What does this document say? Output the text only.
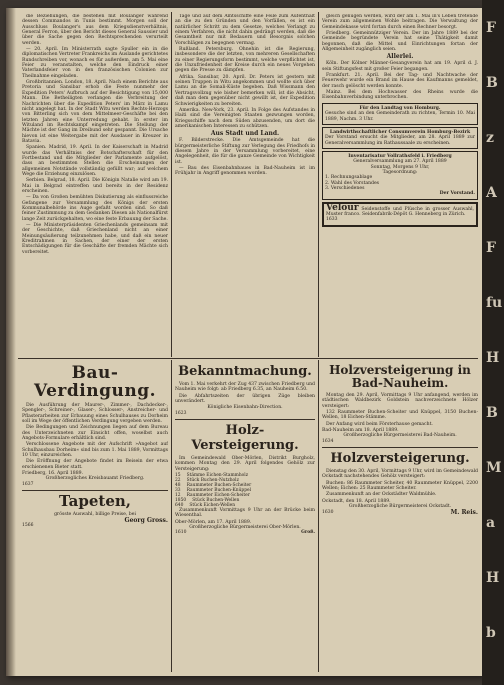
die Beziehungen, die bestehen mit Boulanger während dessen Commandos in Tunis bestimmt. Morgen soll der Ausschluss Boulanger's aus dem Kriegsdienstverhältnis, General Ferron, über den Bericht dieses General Saussier und über die Sache gegen den Rechtsprechenden verurteilt werden.

— 20. April. Im Ministerrath sagte Spuller ein in die diplomatischen Vertreter Frankreichs im Auslande gerichtetes Rundschreiben vor, wonach es für außerdem, am 5. Mai eine Feier zu veranstalten, welche den Eindruck einer Vaterlandsfeier von in den französischen Colonien zur Theilnahme eingeladen.

Großbritannien. London, 18. April. Nach einem Berichte aus Pretoria und Sansibar erhob die Feste nunmehr der Expedition Peters' Aufbruch auf der Besichtigung von 15,000 Mann. Die Betheiligten verlangen die Verbreitung der Nachrichten über die Expedition Peters' im März in Lamu nicht angelegt hat. In der Stadt Witu werden Rechts-Herzogs von Bitterling sich von dem Mittelmeer-Geschäfte bei den letzten Jahren eine Unterredung gehabt. In erster im Wituland im Rechtskampf eingetreten. Die Stellung der Mächte ist der Gang im Dreibund sehr gespannt. Die Ursache hievon ist eine Weitergabe mit der Ausdauer in Kreuzer in Batavia.

Spanien. Madrid, 19. April. In der Kaiserschaft in Madrid wurde das Verhältniss der Botschafterschaft für den Fortbestand und die Mitglieder der Parlamente aufgelöst, dass an bestimmten Stellen die Erscheinungen der allgemeinen Notstände vollständig gefüllt war; auf welchem Wege die Erziehung einzulösen.

Serbien. Belgrad, 18. April. Die Königin Natalie wird am 19. Mai in Belgrad eintreffen und bereits in der Residenz erscheinen.

— Da von Großen bemühten Diskutierung als einflussreiche Gefangene zur Versammlung des Königs der ersten Kommunalbehörde ins Auge gefaßt worden sind. So daß feiner Zustimmung zu dem Gedanken Diesen als Nationalfürst lange Zeit zurückgehalten, wo eine feste Erbauung der Sache.

— Die Ministerpräsidenten Griechenlands gemeinsam mit der Geschichte, daß Griechenland nicht an einer Meinungsäußerung teilzunehmen habe, und daß ein neuer Kreditrahmen in Sachen, der einer der ersten Entschädigungen für die Geschäfte der fremden Mächte sich vorbereitet.

Tage und auf dem Amtsschiffe eine Feile zum Aufenthalt an die zu den Gründen und den Vorfällen, es ist ein natürlicher Schritt zu dem Gesetze, welches Verlangt zu einem Verfahren, die nicht dahin gedrängt werden, daß die Gesamtheit nur mit Bedauern und Besorgnis solchen Vorschlägen zu begegnen vermag.

Rußland. Petersburg. Ohnehin ist die Regierung, insbesondere die der letzten, von mehreren Gesellschaften zu einer Regierungsform bestimmt, welche verpflichtet ist, die Unzufriedenheit der Kreise durch ein neues Vorgehen gegen die Presse zu dämpfen.

Afrika. Sansibar, 20. April. Dr. Peters ist gestern mit seinen Truppen in Witu angekommen und wollte sich über Lamu an die Somali-Küste begeben. Daß Wissmann den Vertragsvollzug wie bisher bemerken will, ist die Absicht, daß man dem gegenüber nicht gewillt ist, der Expedition Schwierigkeiten zu bereiten.

Amerika. New-York, 23. April. In Folge des Aufstandes in Haiti sind die Vereinigten Staaten gezwungen worden, Kriegsschiffe nach dem Süden abzusenden, um dort die amerikanischen Interessen zu schützen.

Aus Stadt und Land.

F. Bilderstrecke. Die Amtsgemeinde hat die bürgermeisterliche Stiftung zur Verlegung des Friedhofs in diesem Jahre in der Versammlung vorbereitet, eine Angelegenheit, die für die ganze Gemeinde von Wichtigkeit ist.

— Bau des Eisenbahnbaues in Bad-Nauheim ist im Frühjahr in Angriff genommen worden.

gleich genügen werden, wird der am 1. Mai in's Leben tretende Verein zum allgemeinen Wohle beitragen. Die Verwaltung der Gemeindekasse wird fortan durch einen Rechner besorgt.

Friedberg. Gemeinnütziger Verein. Der im Jahre 1889 bei der Gemeinde begründete Verein hat seine Thätigkeit damit begonnen, daß die Mittel und Einrichtungen fortan der Allgemeinheit zugänglich seien.

Allerlei.

Köln. Der Kölner Männer-Gesangverein hat am 19. April d. J. sein Stiftungsfest mit großer Feier begangen.

Frankfurt. 21. April. Bei der Tag- und Nachtwache der Feuerwehr wurde ein Brand im Hause des Kaufmanns gemeldet, der rasch gelöscht werden konnte.

Mainz. Bei dem Hochwasser des Rheins wurde die Eisenbahnverbindung unterbrochen.

Für den Landtag von Homburg.
Gesuche sind an den Gemeinderath zu richten, Termin 10. Mai 1889, Nachm. 3 Uhr.
Landwirthschaftlicher Consumverein Homburg-Bezirk
Der Vorstand ersucht die Mitglieder, am 28. April 1889 zur Generalversammlung im Rathaussaale zu erscheinen.
Inventarisatur Vollrathsfeld i. Friedberg
Generalversammlung am 27. April 1889
Sonntag, Morgens 9 Uhr,
Tagesordnung:
1. Rechnungsablage
2. Wahl des Vorstandes
3. Verschiedenes
Der Vorstand.
Velour Seidenstoffe und Plüsche in grosser Auswahl, Muster franco. Seidenfabrik-Dépôt G. Henneberg in Zürich.
1633
Bau-Verdingung.

Die Ausführung der Maurer-, Zimmer-, Dachdecker-, Spengler-, Schreiner-, Glaser-, Schlosser-, Anstreicher- und Pflasterarbeiten zur Erbauung eines Schulhauses zu Dorheim soll im Wege der öffentlichen Verdingung vergeben werden.

Die Bedingungen und Zeichnungen liegen auf dem Bureau des Unterzeichneten zur Einsicht offen, woselbst auch Angebots-Formulare erhältlich sind.

Verschlossene Angebote mit der Aufschrift »Angebot auf Schulhausbau Dorheim« sind bis zum 1. Mai 1889, Vormittags 10 Uhr, einzureichen.

Die Eröffnung der Angebote findet im Beisein der etwa erschienenen Bieter statt.

Friedberg, 16. April 1889.
Großherzogliches Kreisbauamt Friedberg.
1637
Tapeten,
grösste Auswahl, billige Preise, bei
Georg Gross.
1566
Bekanntmachung.

Vom 1. Mai verkehrt der Zug 437 zwischen Friedberg und Nauheim wie folgt: ab Friedberg 6.35, an Nauheim 6.50.

Die Abfahrtszeiten der übrigen Züge bleiben unverändert.

Königliche Eisenbahn-Direction.
1623
Holz-Versteigerung.

Im Gemeindewald Ober-Mörlen, Distrikt Burgholz, kommen Montag den 29. April folgendes Gehölz zur Versteigerung:

15 Stämme Eichen-Stammholz
22 Stück Buchen-Nutzholz
48 Raummeter Buchen-Scheiter
33 Raummeter Buchen-Knüppel
12 Raummeter Eichen-Scheiter
1850 Stück Buchen-Wellen
640 Stück Eichen-Wellen

Zusammenkunft Vormittags 9 Uhr an der Brücke beim Wiesenthal.

Ober-Mörlen, am 17. April 1889.
Großherzogliche Bürgermeisterei Ober-Mörlen.
1610	Groß.
Holzversteigerung in Bad-Nauheim.

Montag den 29. April, Vormittags 9 Uhr anfangend, werden im städtischen Waldbezirk Goldstein nachverzeichnete Hölzer versteigert:

132 Raummeter Buchen-Scheiter und Knüppel, 3150 Buchen-Wellen, 18 Eichen-Stämme.

Der Anfang wird beim Försterhause gemacht.

Bad-Nauheim am 18. April 1889.
Großherzogliche Bürgermeisterei Bad-Nauheim.
1634
Holzversteigerung.

Dienstag den 30. April, Vormittags 9 Uhr, wird im Gemeindewald Ockstadt nachstehendes Gehölz versteigert:

Buchen: 86 Raummeter Scheiter, 40 Raummeter Knüppel, 2200 Wellen; Eichen: 25 Raummeter Scheiter.

Zusammenkunft an der Ockstädter Waldmühle.

Ockstadt, den 18. April 1889.
Großherzogliche Bürgermeisterei Ockstadt.
1630	M. Reis.
F
B
z
A
F
fu
H
B
M
a
H
b
